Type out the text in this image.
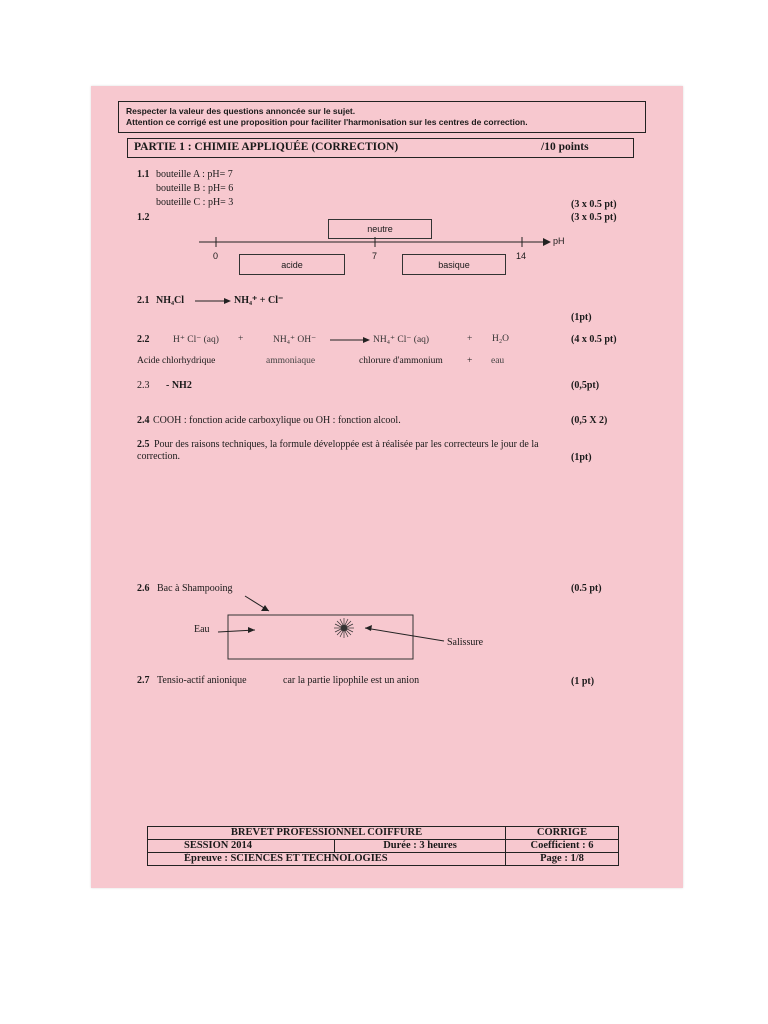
Respecter la valeur des questions annoncée sur le sujet.
Attention ce corrigé est une proposition pour faciliter l'harmonisation sur les centres de correction.
PARTIE 1 : CHIMIE APPLIQUÉE (CORRECTION)	/10 points
1.1 bouteille A : pH= 7
bouteille B : pH= 6
bouteille C : pH= 3	(3 x 0.5 pt)
1.2	(3 x 0.5 pt)
neutre
pH
0	7	14
acide	basique
2.1 NH₄Cl	NH₄⁺ + Cl⁻
(1pt)
2.2 H⁺ Cl⁻ (aq) +	NH₄⁺ OH⁻	NH₄⁺ Cl⁻ (aq)	+ H₂O	(4 x 0.5 pt)
Acide chlorhydrique	ammoniaque	chlorure d'ammonium	+ eau
2.3 - NH2	(0,5pt)
2.4 COOH : fonction acide carboxylique ou OH : fonction alcool.	(0,5 X 2)
2.5 Pour des raisons techniques, la formule développée est à réalisée par les correcteurs le jour de la
correction.	(1pt)
2.6 Bac à Shampooing	(0.5 pt)
Eau
Salissure
2.7 Tensio-actif anionique	car la partie lipophile est un anion	(1 pt)
BREVET PROFESSIONNEL COIFFURE		CORRIGE
SESSION 2014	Durée : 3 heures	Coefficient : 6
Épreuve : SCIENCES ET TECHNOLOGIES		Page : 1/8
